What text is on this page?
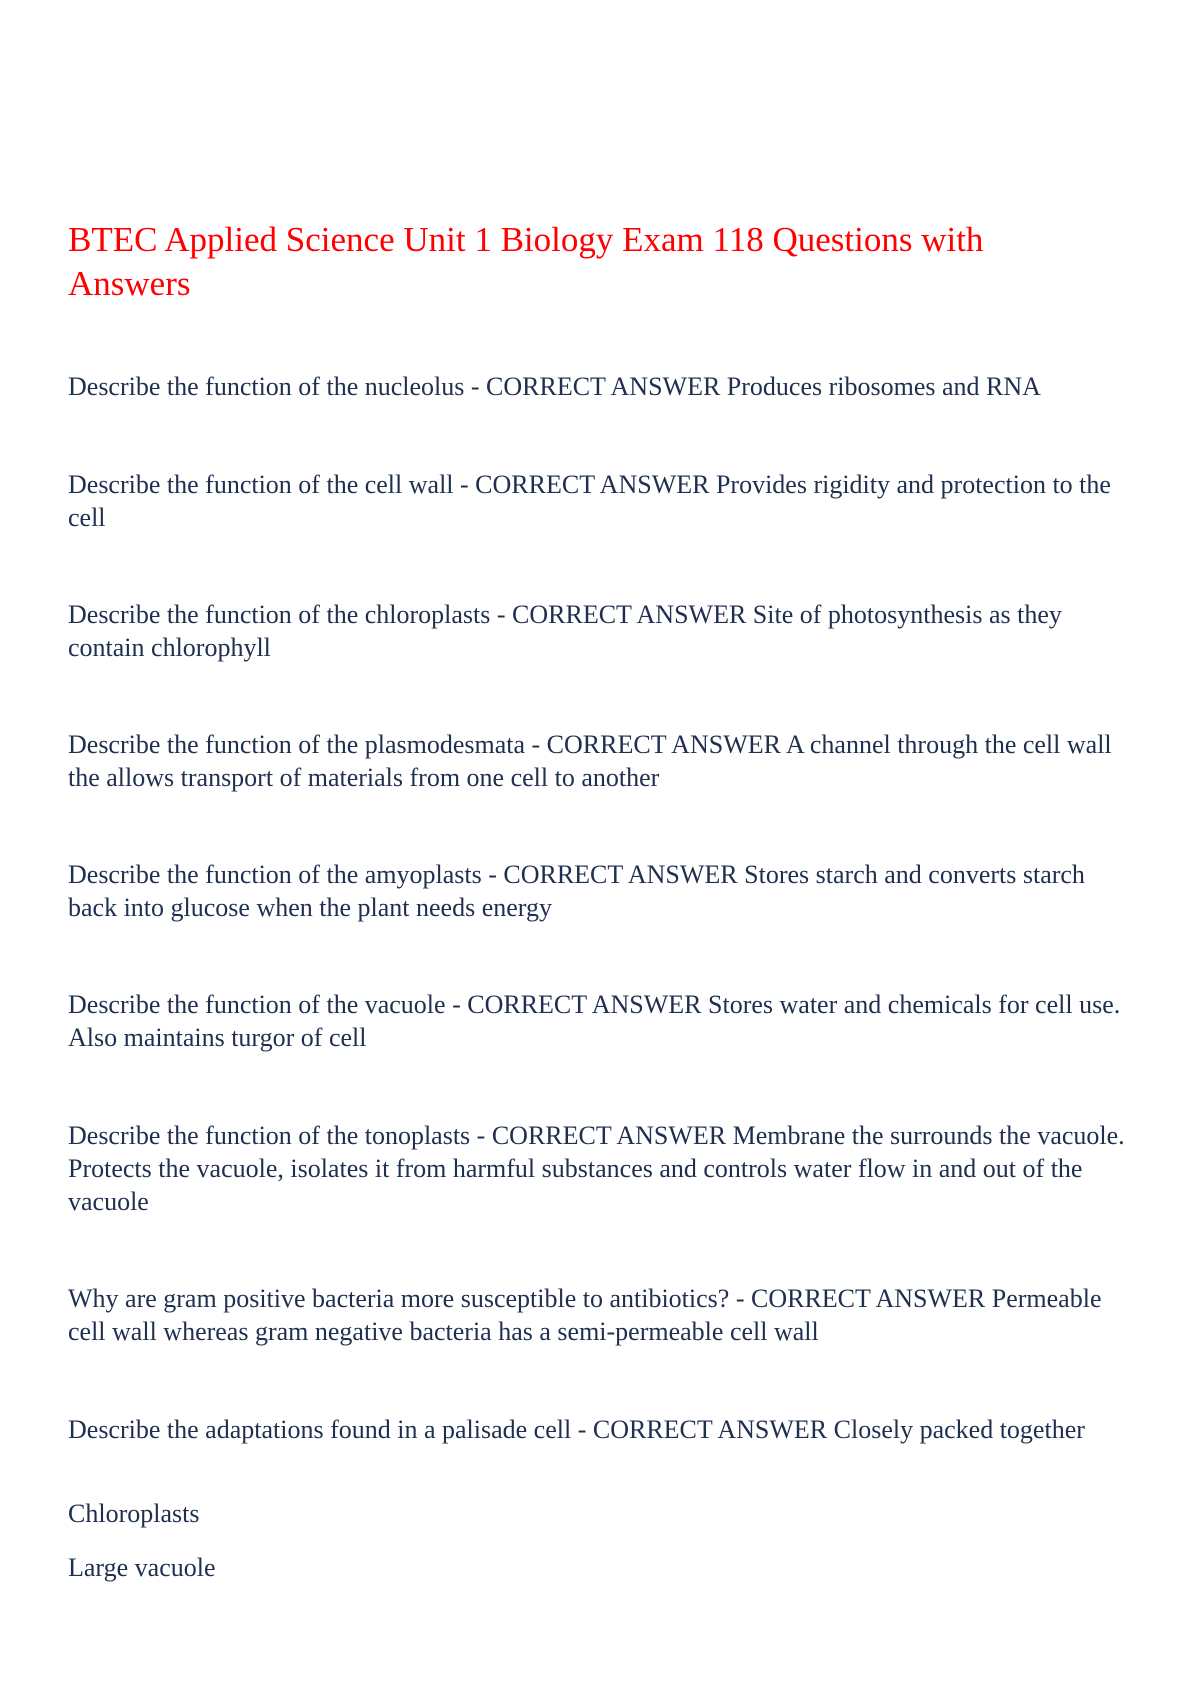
BTEC Applied Science Unit 1 Biology Exam 118 Questions with Answers

Describe the function of the nucleolus - CORRECT ANSWER Produces ribosomes and RNA

Describe the function of the cell wall - CORRECT ANSWER Provides rigidity and protection to the cell

Describe the function of the chloroplasts - CORRECT ANSWER Site of photosynthesis as they contain chlorophyll

Describe the function of the plasmodesmata - CORRECT ANSWER A channel through the cell wall the allows transport of materials from one cell to another

Describe the function of the amyoplasts - CORRECT ANSWER Stores starch and converts starch back into glucose when the plant needs energy

Describe the function of the vacuole - CORRECT ANSWER Stores water and chemicals for cell use. Also maintains turgor of cell

Describe the function of the tonoplasts - CORRECT ANSWER Membrane the surrounds the vacuole. Protects the vacuole, isolates it from harmful substances and controls water flow in and out of the vacuole

Why are gram positive bacteria more susceptible to antibiotics? - CORRECT ANSWER Permeable cell wall whereas gram negative bacteria has a semi-permeable cell wall

Describe the adaptations found in a palisade cell - CORRECT ANSWER Closely packed together

Chloroplasts

Large vacuole
